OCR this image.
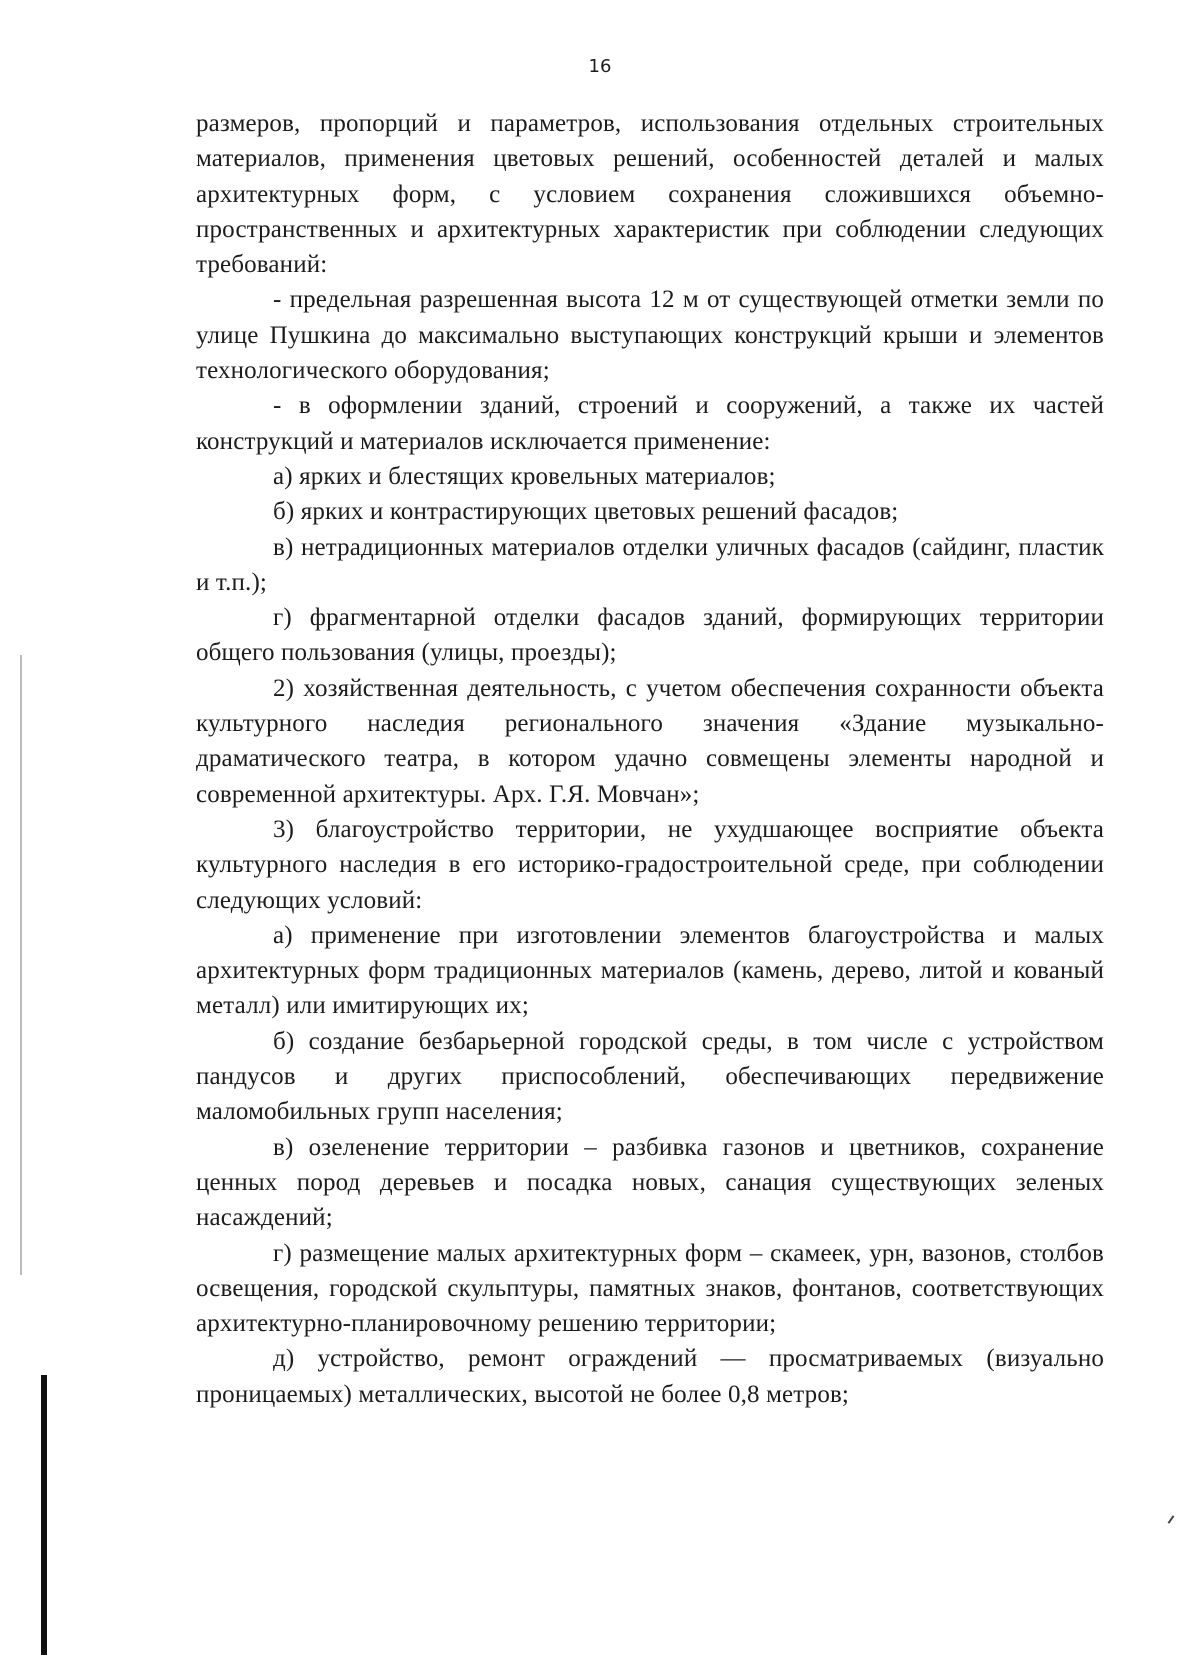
16

размеров, пропорций и параметров, использования отдельных строительных материалов, применения цветовых решений, особенностей деталей и малых архитектурных форм, с условием сохранения сложившихся объемно-пространственных и архитектурных характеристик при соблюдении следующих требований:

- предельная разрешенная высота 12 м от существующей отметки земли по улице Пушкина до максимально выступающих конструкций крыши и элементов технологического оборудования;

- в оформлении зданий, строений и сооружений, а также их частей конструкций и материалов исключается применение:

а) ярких и блестящих кровельных материалов;

б) ярких и контрастирующих цветовых решений фасадов;

в) нетрадиционных материалов отделки уличных фасадов (сайдинг, пластик и т.п.);

г) фрагментарной отделки фасадов зданий, формирующих территории общего пользования (улицы, проезды);

2) хозяйственная деятельность, с учетом обеспечения сохранности объекта культурного наследия регионального значения «Здание музыкально-драматического театра, в котором удачно совмещены элементы народной и современной архитектуры. Арх. Г.Я. Мовчан»;

3) благоустройство территории, не ухудшающее восприятие объекта культурного наследия в его историко-градостроительной среде, при соблюдении следующих условий:

а) применение при изготовлении элементов благоустройства и малых архитектурных форм традиционных материалов (камень, дерево, литой и кованый металл) или имитирующих их;

б) создание безбарьерной городской среды, в том числе с устройством пандусов и других приспособлений, обеспечивающих передвижение маломобильных групп населения;

в) озеленение территории – разбивка газонов и цветников, сохранение ценных пород деревьев и посадка новых, санация существующих зеленых насаждений;

г) размещение малых архитектурных форм – скамеек, урн, вазонов, столбов освещения, городской скульптуры, памятных знаков, фонтанов, соответствующих архитектурно-планировочному решению территории;

д) устройство, ремонт ограждений — просматриваемых (визуально проницаемых) металлических, высотой не более 0,8 метров;
